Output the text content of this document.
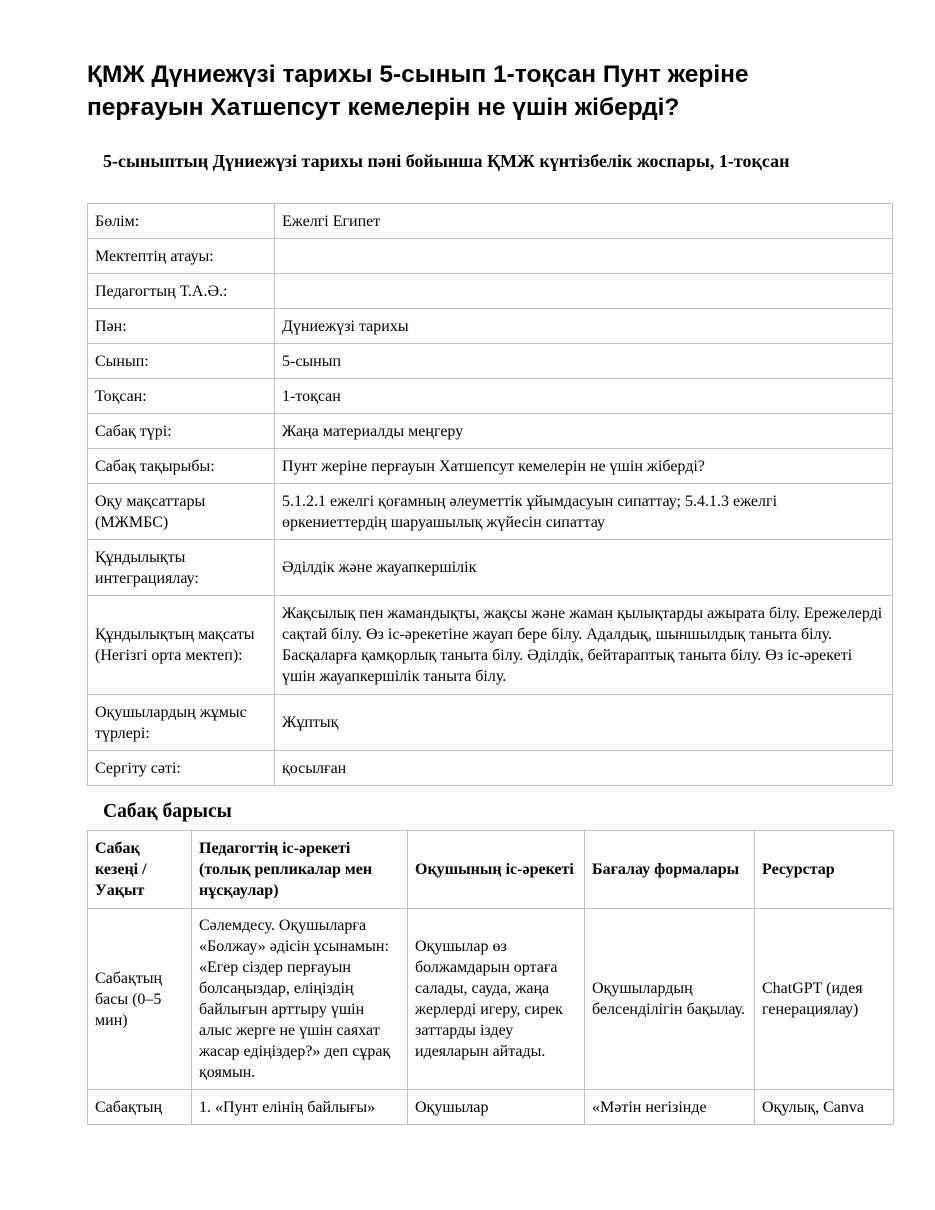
ҚМЖ Дүниежүзі тарихы 5-сынып 1-тоқсан Пунт жеріне перғауын Хатшепсут кемелерін не үшін жіберді?
5-сыныптың Дүниежүзі тарихы пәні бойынша ҚМЖ күнтізбелік жоспары, 1-тоқсан
Бөлім:	Ежелгі Египет
Мектептің атауы:	
Педагогтың Т.А.Ә.:	
Пән:	Дүниежүзі тарихы
Сынып:	5-сынып
Тоқсан:	1-тоқсан
Сабақ түрі:	Жаңа материалды меңгеру
Сабақ тақырыбы:	Пунт жеріне перғауын Хатшепсут кемелерін не үшін жіберді?
Оқу мақсаттары (МЖМБС)	5.1.2.1 ежелгі қоғамның әлеуметтік ұйымдасуын сипаттау; 5.4.1.3 ежелгі өркениеттердің шаруашылық жүйесін сипаттау
Құндылықты интеграциялау:	Әділдік және жауапкершілік
Құндылықтың мақсаты (Негізгі орта мектеп):	Жақсылық пен жамандықты, жақсы және жаман қылықтарды ажырата білу. Ережелерді сақтай білу. Өз іс-әрекетіне жауап бере білу. Адалдық, шыншылдық таныта білу. Басқаларға қамқорлық таныта білу. Әділдік, бейтараптық таныта білу. Өз іс-әрекеті үшін жауапкершілік таныта білу.
Оқушылардың жұмыс түрлері:	Жұптық
Сергіту сәті:	қосылған
Сабақ барысы
Сабақ кезеңі / Уақыт	Педагогтің іс-әрекеті (толық репликалар мен нұсқаулар)	Оқушының іс-әрекеті	Бағалау формалары	Ресурстар
Сабақтың басы (0–5 мин)	Сәлемдесу. Оқушыларға «Болжау» әдісін ұсынамын: «Егер сіздер перғауын болсаңыздар, еліңіздің байлығын арттыру үшін алыс жерге не үшін саяхат жасар едіңіздер?» деп сұрақ қоямын.	Оқушылар өз болжамдарын ортаға салады, сауда, жаңа жерлерді игеру, сирек заттарды іздеу идеяларын айтады.	Оқушылардың белсенділігін бақылау.	ChatGPT (идея генерациялау)
Сабақтың	1. «Пунт елінің байлығы»	Оқушылар	«Мәтін негізінде	Оқулық, Canva
